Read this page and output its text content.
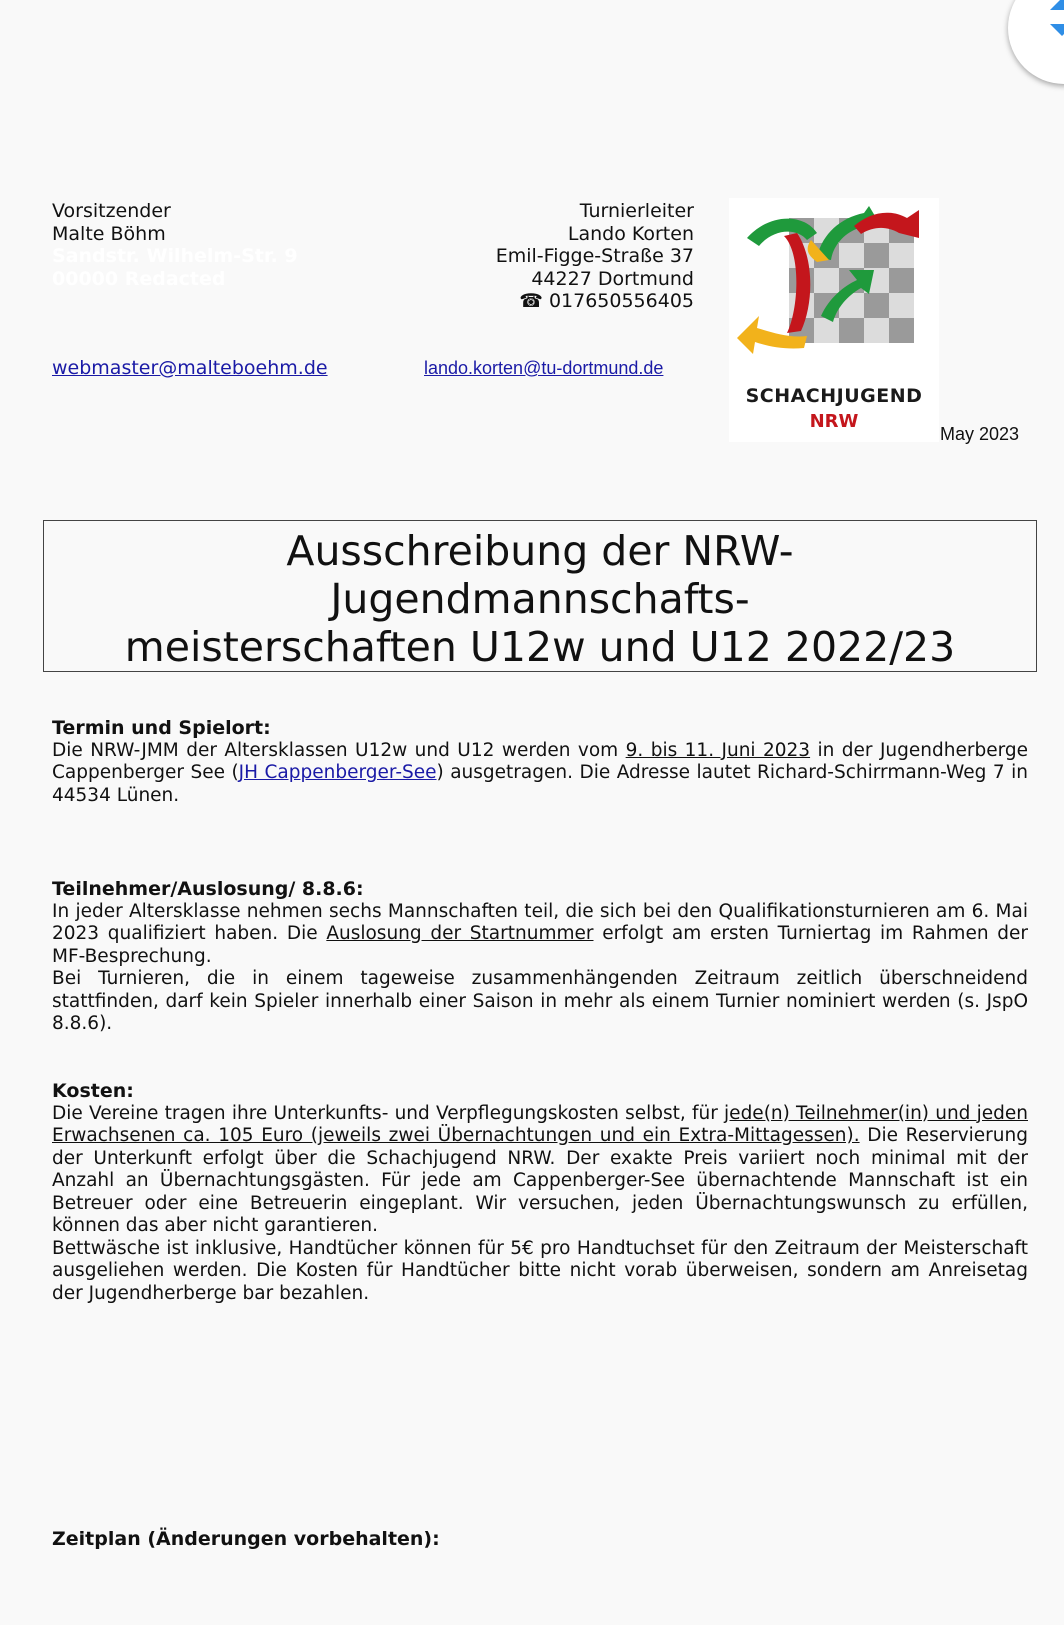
Vorsitzender
Malte Böhm
Sandstr. Wilhelm-Str. 9
00000 Redacted
Turnierleiter
Lando Korten
Emil-Figge-Straße 37
44227 Dortmund
☎ 017650556405
webmaster@malteboehm.de	lando.korten@tu-dortmund.de
SCHACHJUGEND
NRW
May 2023
Ausschreibung der NRW-
Jugendmannschafts-
meisterschaften U12w und U12 2022/23
Termin und Spielort:

Die NRW-JMM der Altersklassen U12w und U12 werden vom 9. bis 11. Juni 2023 in der Jugendherberge Cappenberger See (JH Cappenberger-See) ausgetragen. Die Adresse lautet Richard-Schirrmann-Weg 7 in 44534 Lünen.

Teilnehmer/Auslosung/ 8.8.6:

In jeder Altersklasse nehmen sechs Mannschaften teil, die sich bei den Qualifikationsturnieren am 6. Mai 2023 qualifiziert haben. Die Auslosung der Startnummer erfolgt am ersten Turniertag im Rahmen der MF-Besprechung.

Bei Turnieren, die in einem tageweise zusammenhängenden Zeitraum zeitlich überschneidend stattfinden, darf kein Spieler innerhalb einer Saison in mehr als einem Turnier nominiert werden (s. JspO 8.8.6).

Kosten:

Die Vereine tragen ihre Unterkunfts- und Verpflegungskosten selbst, für jede(n) Teilnehmer(in) und jeden Erwachsenen ca. 105 Euro (jeweils zwei Übernachtungen und ein Extra-Mittagessen). Die Reservierung der Unterkunft erfolgt über die Schachjugend NRW. Der exakte Preis variiert noch minimal mit der Anzahl an Übernachtungsgästen. Für jede am Cappenberger-See übernachtende Mannschaft ist ein Betreuer oder eine Betreuerin eingeplant. Wir versuchen, jeden Übernachtungswunsch zu erfüllen, können das aber nicht garantieren.

Bettwäsche ist inklusive, Handtücher können für 5€ pro Handtuchset für den Zeitraum der Meisterschaft ausgeliehen werden. Die Kosten für Handtücher bitte nicht vorab überweisen, sondern am Anreisetag der Jugendherberge bar bezahlen.

Zeitplan (Änderungen vorbehalten):
